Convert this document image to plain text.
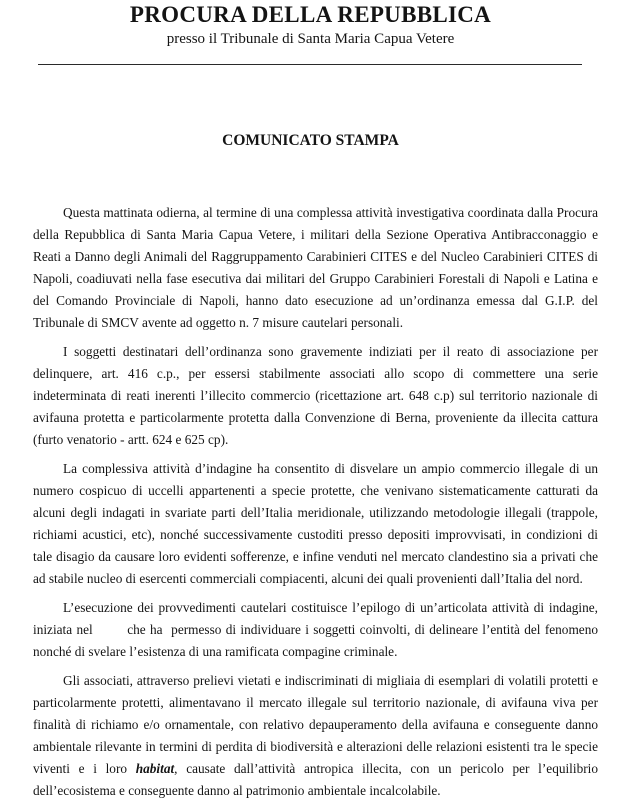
PROCURA DELLA REPUBBLICA
presso il Tribunale di Santa Maria Capua Vetere
COMUNICATO STAMPA

Questa mattinata odierna, al termine di una complessa attività investigativa coordinata dalla Procura della Repubblica di Santa Maria Capua Vetere, i militari della Sezione Operativa Antibracconaggio e Reati a Danno degli Animali del Raggruppamento Carabinieri CITES e del Nucleo Carabinieri CITES di Napoli, coadiuvati nella fase esecutiva dai militari del Gruppo Carabinieri Forestali di Napoli e Latina e del Comando Provinciale di Napoli, hanno dato esecuzione ad un’ordinanza emessa dal G.I.P. del Tribunale di SMCV avente ad oggetto n. 7 misure cautelari personali.

I soggetti destinatari dell’ordinanza sono gravemente indiziati per il reato di associazione per delinquere, art. 416 c.p., per essersi stabilmente associati allo scopo di commettere una serie indeterminata di reati inerenti l’illecito commercio (ricettazione art. 648 c.p) sul territorio nazionale di avifauna protetta e particolarmente protetta dalla Convenzione di Berna, proveniente da illecita cattura (furto venatorio - artt. 624 e 625 cp).

La complessiva attività d’indagine ha consentito di disvelare un ampio commercio illegale di un numero cospicuo di uccelli appartenenti a specie protette, che venivano sistematicamente catturati da alcuni degli indagati in svariate parti dell’Italia meridionale, utilizzando metodologie illegali (trappole, richiami acustici, etc), nonché successivamente custoditi presso depositi improvvisati, in condizioni di tale disagio da causare loro evidenti sofferenze, e infine venduti nel mercato clandestino sia a privati che ad stabile nucleo di esercenti commerciali compiacenti, alcuni dei quali provenienti dall’Italia del nord.

L’esecuzione dei provvedimenti cautelari costituisce l’epilogo di un’articolata attività di indagine, iniziata nel        che ha  permesso di individuare i soggetti coinvolti, di delineare l’entità del fenomeno nonché di svelare l’esistenza di una ramificata compagine criminale.

Gli associati, attraverso prelievi vietati e indiscriminati di migliaia di esemplari di volatili protetti e particolarmente protetti, alimentavano il mercato illegale sul territorio nazionale, di avifauna viva per finalità di richiamo e/o ornamentale, con relativo depauperamento della avifauna e conseguente danno ambientale rilevante in termini di perdita di biodiversità e alterazioni delle relazioni esistenti tra le specie viventi e i loro habitat, causate dall’attività antropica illecita, con un pericolo per l’equilibrio dell’ecosistema e conseguente danno al patrimonio ambientale incalcolabile.
